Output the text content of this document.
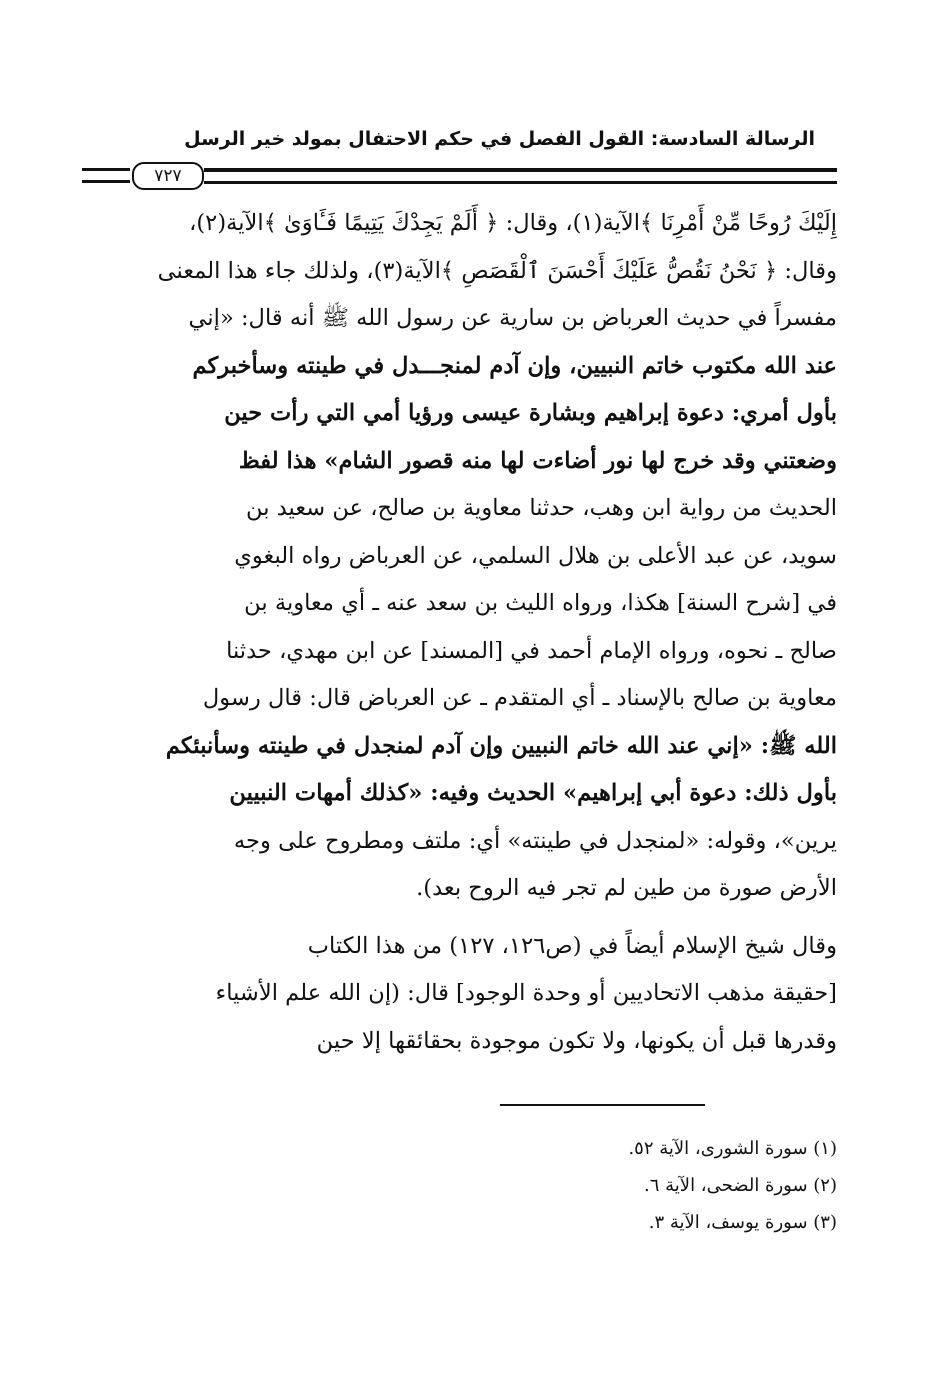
الرسالة السادسة: القول الفصل في حكم الاحتفال بمولد خير الرسل
٧٢٧
إِلَيْكَ رُوحًا مِّنْ أَمْرِنَا ﴾الآية(١)، وقال: ﴿ أَلَمْ يَجِدْكَ يَتِيمًا فَـَٔاوَىٰ ﴾الآية(٢)،
وقال: ﴿ نَحْنُ نَقُصُّ عَلَيْكَ أَحْسَنَ ٱلْقَصَصِ ﴾الآية(٣)، ولذلك جاء هذا المعنى
مفسراً في حديث العرباض بن سارية عن رسول الله ﷺ أنه قال: «إني
عند الله مكتوب خاتم النبيين، وإن آدم لمنجـــدل في طينته وسأخبركم
بأول أمري: دعوة إبراهيم وبشارة عيسى ورؤيا أمي التي رأت حين
وضعتني وقد خرج لها نور أضاءت لها منه قصور الشام» هذا لفظ
الحديث من رواية ابن وهب، حدثنا معاوية بن صالح، عن سعيد بن
سويد، عن عبد الأعلى بن هلال السلمي، عن العرباض رواه البغوي
في [شرح السنة] هكذا، ورواه الليث بن سعد عنه ـ أي معاوية بن
صالح ـ نحوه، ورواه الإمام أحمد في [المسند] عن ابن مهدي، حدثنا
معاوية بن صالح بالإسناد ـ أي المتقدم ـ عن العرباض قال: قال رسول
الله ﷺ: «إني عند الله خاتم النبيين وإن آدم لمنجدل في طينته وسأنبئكم
بأول ذلك: دعوة أبي إبراهيم» الحديث وفيه: «كذلك أمهات النبيين
يرين»، وقوله: «لمنجدل في طينته» أي: ملتف ومطروح على وجه
الأرض صورة من طين لم تجر فيه الروح بعد).
وقال شيخ الإسلام أيضاً في (ص١٢٦، ١٢٧) من هذا الكتاب
[حقيقة مذهب الاتحاديين أو وحدة الوجود] قال: (إن الله علم الأشياء
وقدرها قبل أن يكونها، ولا تكون موجودة بحقائقها إلا حين
(١) سورة الشورى، الآية ٥٢.
(٢) سورة الضحى، الآية ٦.
(٣) سورة يوسف، الآية ٣.
